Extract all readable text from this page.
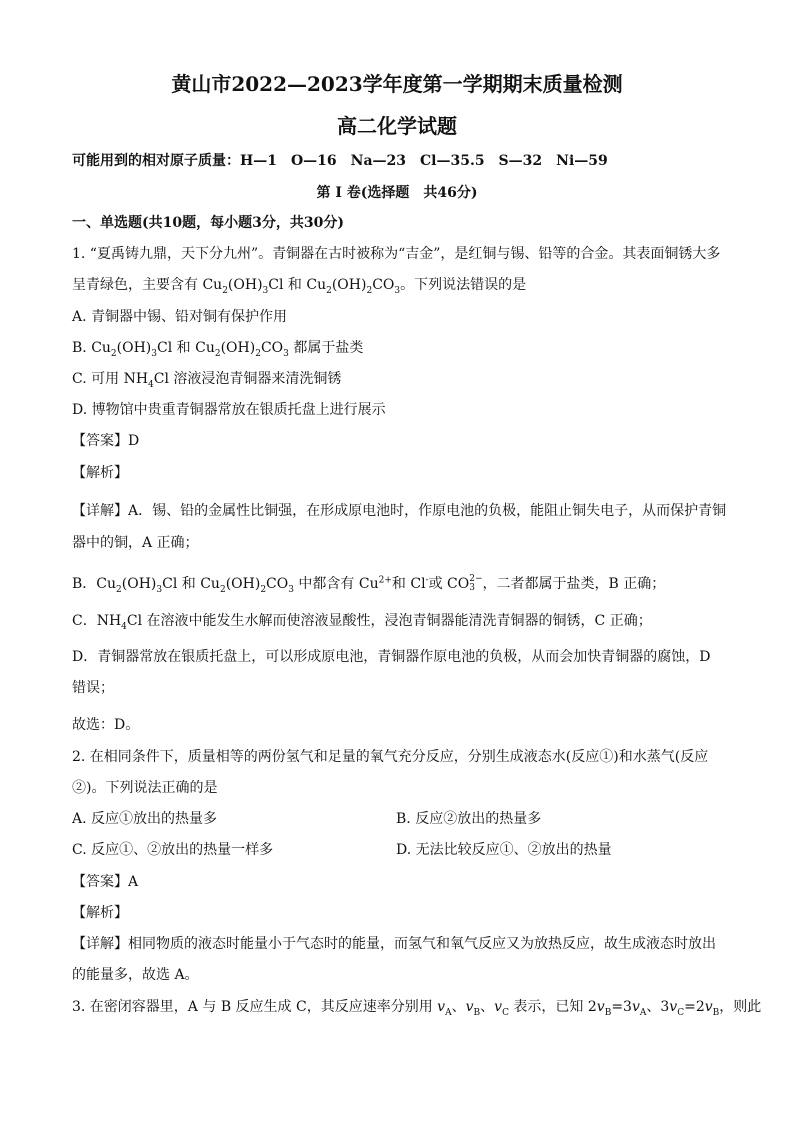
黄山市2022—2023学年度第一学期期末质量检测
高二化学试题
可能用到的相对原子质量：H—1　O—16　Na—23　Cl—35.5　S—32　Ni—59
第 I 卷(选择题　共46分)
一、单选题(共10题，每小题3分，共30分)
1. “夏禹铸九鼎，天下分九州”。青铜器在古时被称为“吉金”，是红铜与锡、铅等的合金。其表面铜锈大多
呈青绿色，主要含有 $Cu_2(OH)_3Cl$ 和 $Cu_2(OH)_2CO_3$。下列说法错误的是
A. 青铜器中锡、铅对铜有保护作用
B. $Cu_2(OH)_3Cl$ 和 $Cu_2(OH)_2CO_3$ 都属于盐类
C. 可用 $NH_4Cl$ 溶液浸泡青铜器来清洗铜锈
D. 博物馆中贵重青铜器常放在银质托盘上进行展示
【答案】D
【解析】
【详解】A．锡、铅的金属性比铜强，在形成原电池时，作原电池的负极，能阻止铜失电子，从而保护青铜
器中的铜，A 正确；
B．$Cu_2(OH)_3Cl$ 和 $Cu_2(OH)_2CO_3$ 中都含有 $Cu^{2+}$和 Cl-或 CO 2−
3 ，二者都属于盐类，B 正确；
C．$NH_4Cl$ 在溶液中能发生水解而使溶液显酸性，浸泡青铜器能清洗青铜器的铜锈，C 正确；
D．青铜器常放在银质托盘上，可以形成原电池，青铜器作原电池的负极，从而会加快青铜器的腐蚀，D
错误；
故选：D。
2. 在相同条件下，质量相等的两份氢气和足量的氧气充分反应，分别生成液态水(反应①)和水蒸气(反应
②)。下列说法正确的是
A. 反应①放出的热量多	B. 反应②放出的热量多
C. 反应①、②放出的热量一样多	D. 无法比较反应①、②放出的热量
【答案】A
【解析】
【详解】相同物质的液态时能量小于气态时的能量，而氢气和氧气反应又为放热反应，故生成液态时放出
的能量多，故选 A。
3. 在密闭容器里，A 与 B 反应生成 C，其反应速率分别用 $v_A$、$v_B$、$v_C$ 表示，已知 $2v_B=3v_A$、$3v_C=2v_B$，则此
